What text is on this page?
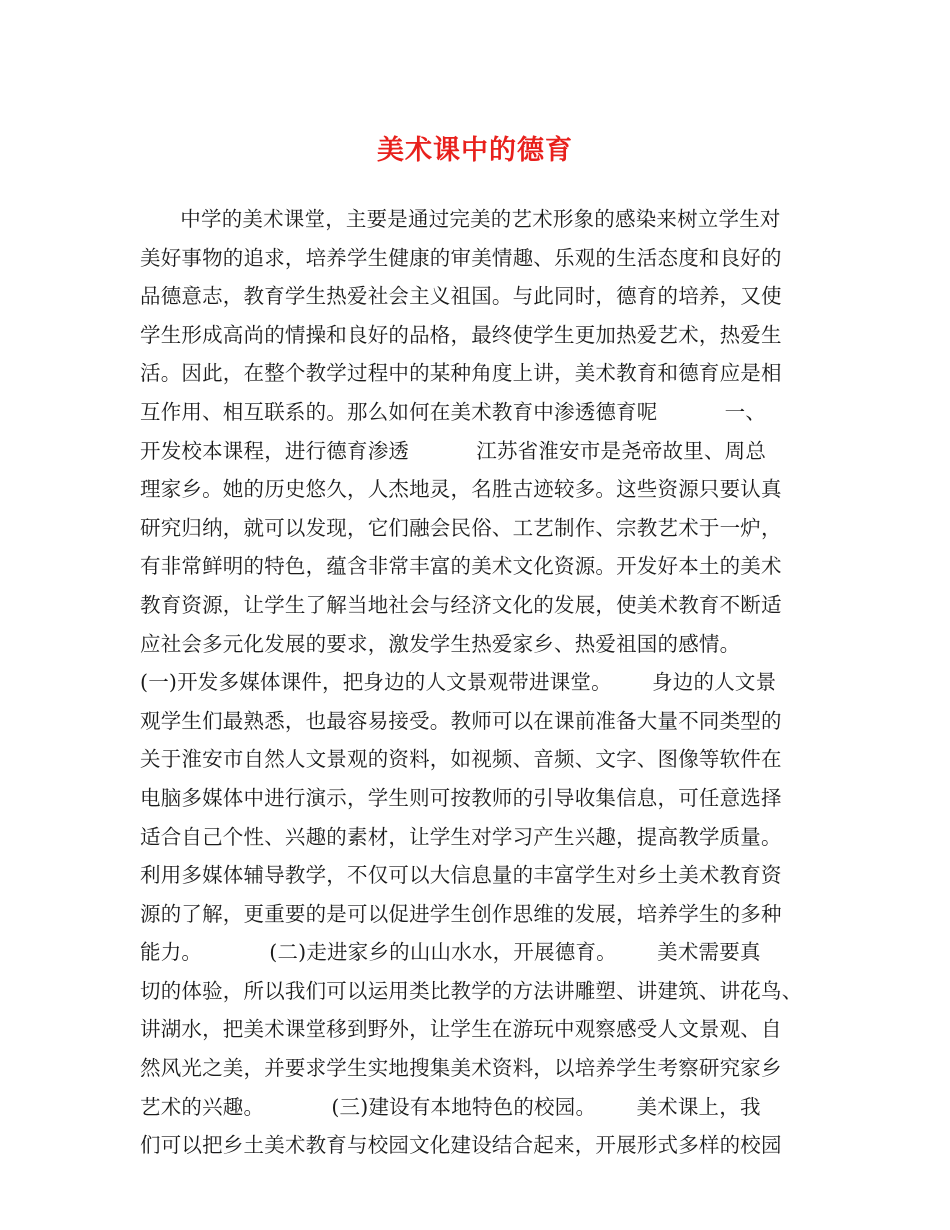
美术课中的德育
中学的美术课堂，主要是通过完美的艺术形象的感染来树立学生对
美好事物的追求，培养学生健康的审美情趣、乐观的生活态度和良好的
品德意志，教育学生热爱社会主义祖国。与此同时，德育的培养，又使
学生形成高尚的情操和良好的品格，最终使学生更加热爱艺术，热爱生
活。因此，在整个教学过程中的某种角度上讲，美术教育和德育应是相
互作用、相互联系的。那么如何在美术教育中渗透德育呢          一、
开发校本课程，进行德育渗透          江苏省淮安市是尧帝故里、周总
理家乡。她的历史悠久，人杰地灵，名胜古迹较多。这些资源只要认真
研究归纳，就可以发现，它们融会民俗、工艺制作、宗教艺术于一炉，
有非常鲜明的特色，蕴含非常丰富的美术文化资源。开发好本土的美术
教育资源，让学生了解当地社会与经济文化的发展，使美术教育不断适
应社会多元化发展的要求，激发学生热爱家乡、热爱祖国的感情。
(一)开发多媒体课件，把身边的人文景观带进课堂。      身边的人文景
观学生们最熟悉，也最容易接受。教师可以在课前准备大量不同类型的
关于淮安市自然人文景观的资料，如视频、音频、文字、图像等软件在
电脑多媒体中进行演示，学生则可按教师的引导收集信息，可任意选择
适合自己个性、兴趣的素材，让学生对学习产生兴趣，提高教学质量。
利用多媒体辅导教学，不仅可以大信息量的丰富学生对乡土美术教育资
源的了解，更重要的是可以促进学生创作思维的发展，培养学生的多种
能力。          (二)走进家乡的山山水水，开展德育。      美术需要真
切的体验，所以我们可以运用类比教学的方法讲雕塑、讲建筑、讲花鸟、
讲湖水，把美术课堂移到野外，让学生在游玩中观察感受人文景观、自
然风光之美，并要求学生实地搜集美术资料，以培养学生考察研究家乡
艺术的兴趣。          (三)建设有本地特色的校园。      美术课上，我
们可以把乡土美术教育与校园文化建设结合起来，开展形式多样的校园
